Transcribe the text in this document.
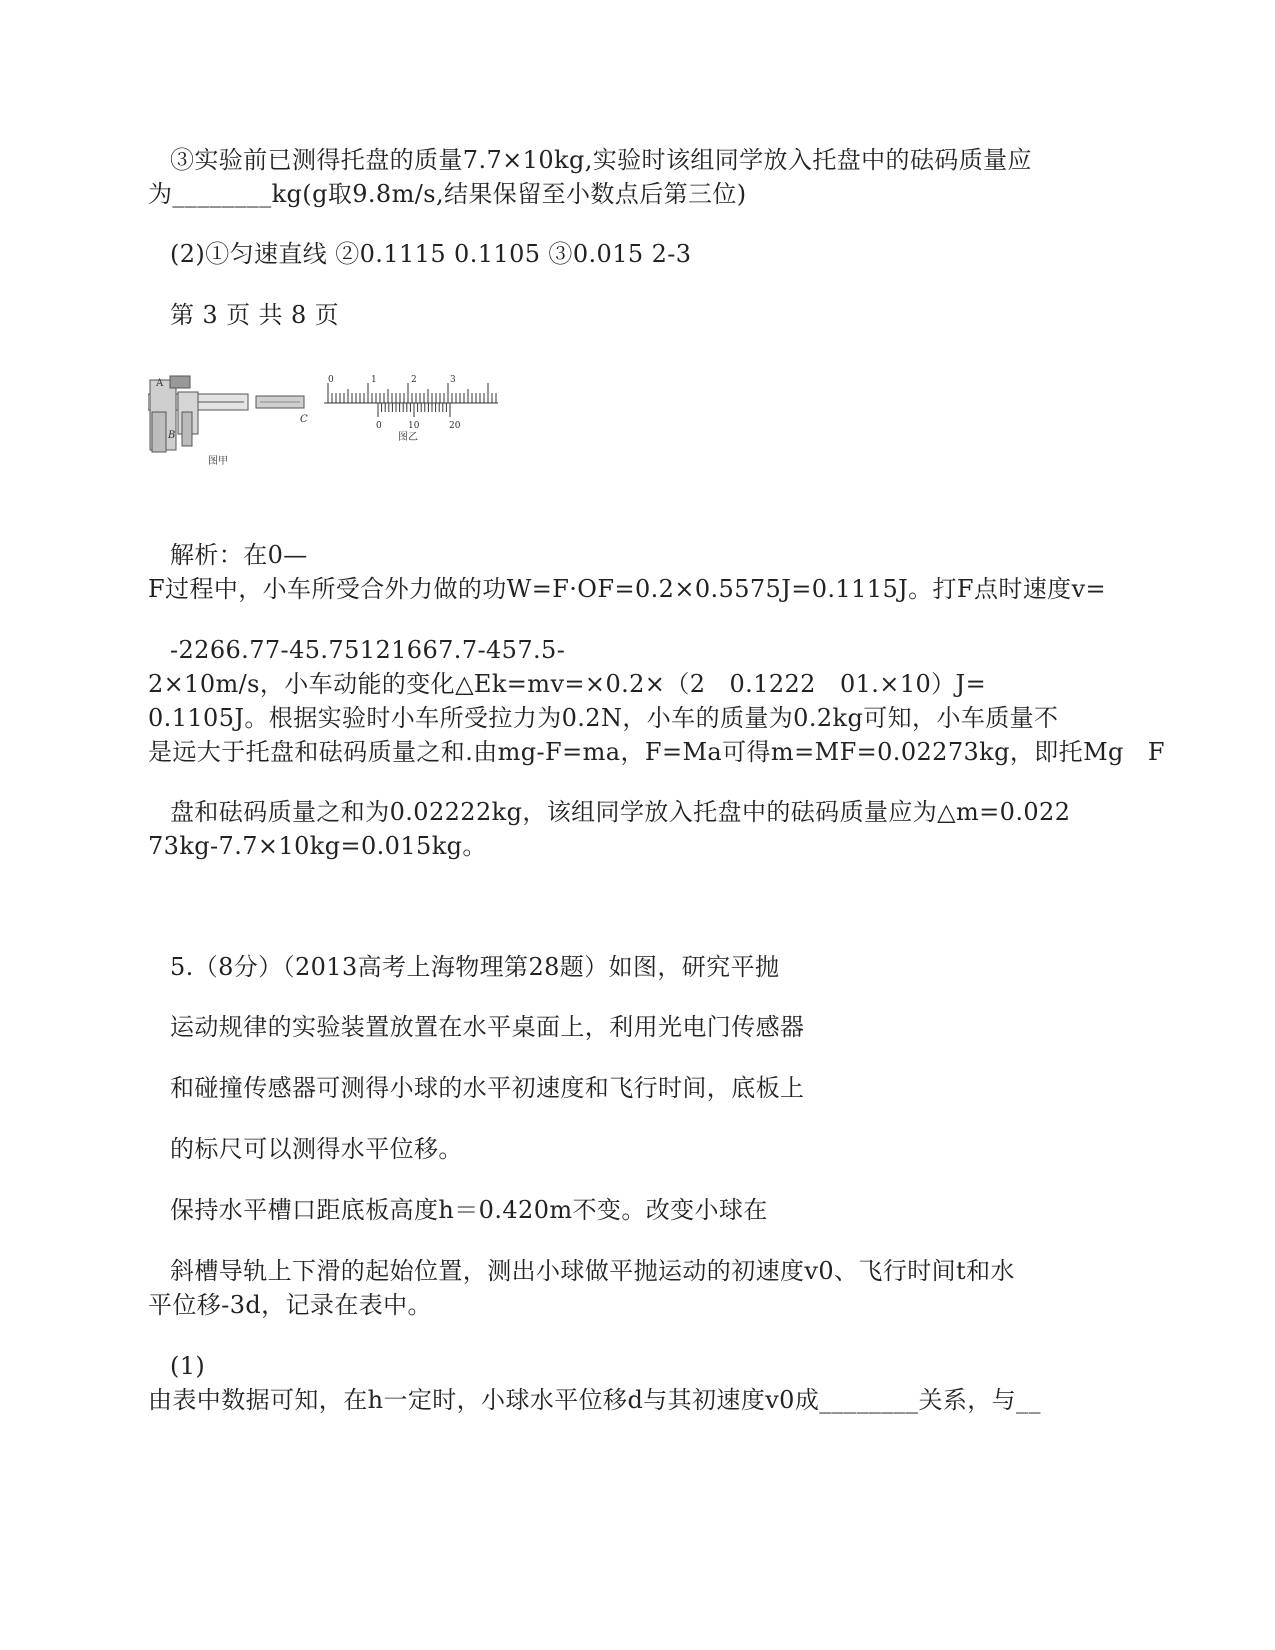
③实验前已测得托盘的质量7.7×10kg,实验时该组同学放入托盘中的砝码质量应
为________kg(g取9.8m/s,结果保留至小数点后第三位)
(2)①匀速直线 ②0.1115 0.1105 ③0.015 2-3
第 3 页 共 8 页
A
B
C
图甲
0	1	2	3
0	10	20
图乙
解析：在0—
F过程中，小车所受合外力做的功W=F·OF=0.2×0.5575J=0.1115J。打F点时速度v=
-2266.77-45.75121667.7-457.5-
2×10m/s，小车动能的变化△Ek=mv=×0.2×（2   0.1222   01.×10）J=
0.1105J。根据实验时小车所受拉力为0.2N，小车的质量为0.2kg可知，小车质量不
是远大于托盘和砝码质量之和.由mg-F=ma，F=Ma可得m=MF=0.02273kg，即托Mg   F
盘和砝码质量之和为0.02222kg，该组同学放入托盘中的砝码质量应为△m=0.022
73kg-7.7×10kg=0.015kg。
5.（8分）（2013高考上海物理第28题）如图，研究平抛
运动规律的实验装置放置在水平桌面上，利用光电门传感器
和碰撞传感器可测得小球的水平初速度和飞行时间，底板上
的标尺可以测得水平位移。
保持水平槽口距底板高度h＝0.420m不变。改变小球在
斜槽导轨上下滑的起始位置，测出小球做平抛运动的初速度v0、飞行时间t和水
平位移-3d，记录在表中。
(1)
由表中数据可知，在h一定时，小球水平位移d与其初速度v0成________关系，与__
